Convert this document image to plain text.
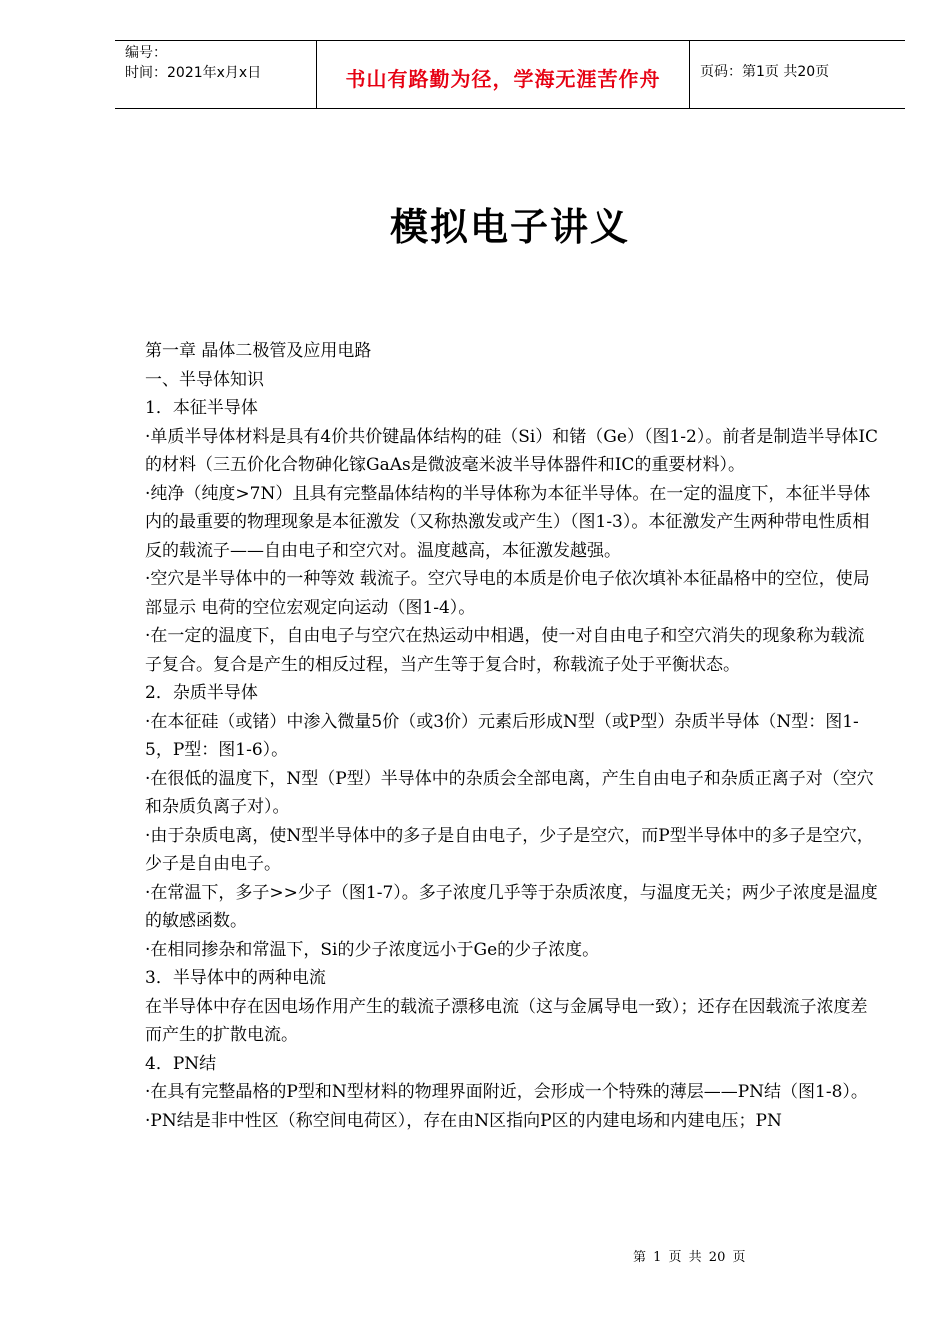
编号：
时间：2021年x月x日	书山有路勤为径，学海无涯苦作舟	页码：第1页 共20页
模拟电子讲义

第一章 晶体二极管及应用电路

一、半导体知识

1．本征半导体

·单质半导体材料是具有4价共价键晶体结构的硅（Si）和锗（Ge）（图1-2）。前者是制造半导体IC的材料（三五价化合物砷化镓GaAs是微波毫米波半导体器件和IC的重要材料）。

·纯净（纯度>7N）且具有完整晶体结构的半导体称为本征半导体。在一定的温度下，本征半导体内的最重要的物理现象是本征激发（又称热激发或产生）（图1-3）。本征激发产生两种带电性质相反的载流子——自由电子和空穴对。温度越高，本征激发越强。

·空穴是半导体中的一种等效 载流子。空穴导电的本质是价电子依次填补本征晶格中的空位，使局部显示 电荷的空位宏观定向运动（图1-4）。

·在一定的温度下，自由电子与空穴在热运动中相遇，使一对自由电子和空穴消失的现象称为载流子复合。复合是产生的相反过程，当产生等于复合时，称载流子处于平衡状态。

2．杂质半导体

·在本征硅（或锗）中渗入微量5价（或3价）元素后形成N型（或P型）杂质半导体（N型：图1-5，P型：图1-6）。

·在很低的温度下，N型（P型）半导体中的杂质会全部电离，产生自由电子和杂质正离子对（空穴和杂质负离子对）。

·由于杂质电离，使N型半导体中的多子是自由电子，少子是空穴，而P型半导体中的多子是空穴，少子是自由电子。

·在常温下，多子>>少子（图1-7）。多子浓度几乎等于杂质浓度，与温度无关；两少子浓度是温度的敏感函数。

·在相同掺杂和常温下，Si的少子浓度远小于Ge的少子浓度。

3．半导体中的两种电流

在半导体中存在因电场作用产生的载流子漂移电流（这与金属导电一致）；还存在因载流子浓度差而产生的扩散电流。

4．PN结

·在具有完整晶格的P型和N型材料的物理界面附近，会形成一个特殊的薄层——PN结（图1-8）。

·PN结是非中性区（称空间电荷区），存在由N区指向P区的内建电场和内建电压；PN

第 1 页 共 20 页
